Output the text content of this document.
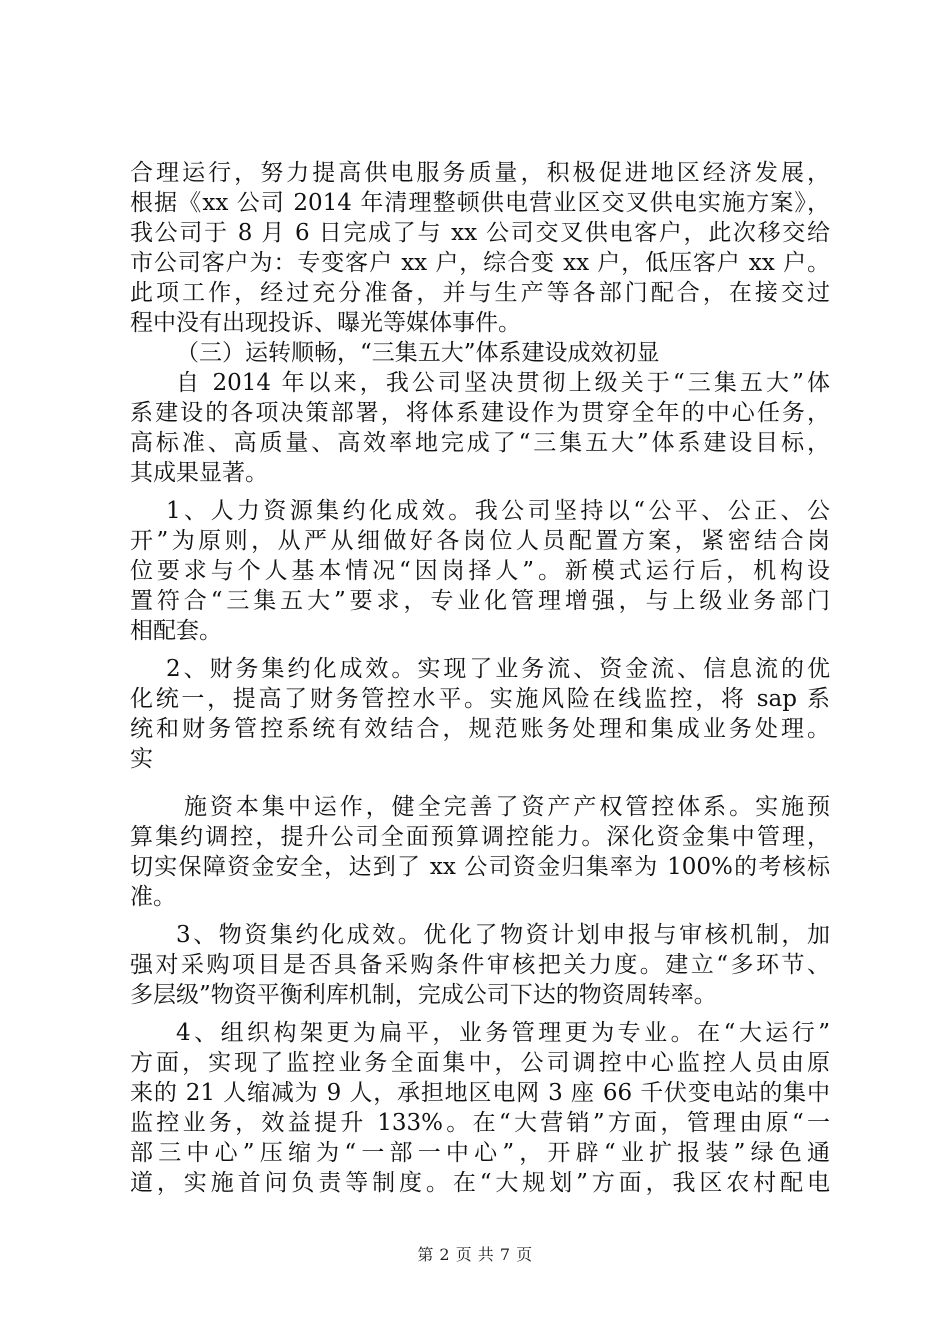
合理运行，努力提高供电服务质量，积极促进地区经济发展，
根据《xx 公司 2014 年清理整顿供电营业区交叉供电实施方案》，
我公司于 8 月 6 日完成了与 xx 公司交叉供电客户，此次移交给
市公司客户为：专变客户 xx 户，综合变 xx 户，低压客户 xx 户。
此项工作，经过充分准备，并与生产等各部门配合，在接交过
程中没有出现投诉、曝光等媒体事件。
（三）运转顺畅，“三集五大”体系建设成效初显
自 2014 年以来，我公司坚决贯彻上级关于“三集五大”体
系建设的各项决策部署，将体系建设作为贯穿全年的中心任务，
高标准、高质量、高效率地完成了“三集五大”体系建设目标，
其成果显著。
1、人力资源集约化成效。我公司坚持以“公平、公正、公
开”为原则，从严从细做好各岗位人员配置方案，紧密结合岗
位要求与个人基本情况“因岗择人”。新模式运行后，机构设
置符合“三集五大”要求，专业化管理增强，与上级业务部门
相配套。
2、财务集约化成效。实现了业务流、资金流、信息流的优
化统一，提高了财务管控水平。实施风险在线监控，将 sap 系
统和财务管控系统有效结合，规范账务处理和集成业务处理。
实
施资本集中运作，健全完善了资产产权管控体系。实施预
算集约调控，提升公司全面预算调控能力。深化资金集中管理，
切实保障资金安全，达到了 xx 公司资金归集率为 100%的考核标
准。
3、物资集约化成效。优化了物资计划申报与审核机制，加
强对采购项目是否具备采购条件审核把关力度。建立“多环节、
多层级”物资平衡利库机制，完成公司下达的物资周转率。
4、组织构架更为扁平，业务管理更为专业。在“大运行”
方面，实现了监控业务全面集中，公司调控中心监控人员由原
来的 21 人缩减为 9 人，承担地区电网 3 座 66 千伏变电站的集中
监控业务，效益提升 133%。在“大营销”方面，管理由原“一
部三中心”压缩为“一部一中心”，开辟“业扩报装”绿色通
道，实施首问负责等制度。在“大规划”方面，我区农村配电
第 2 页 共 7 页
